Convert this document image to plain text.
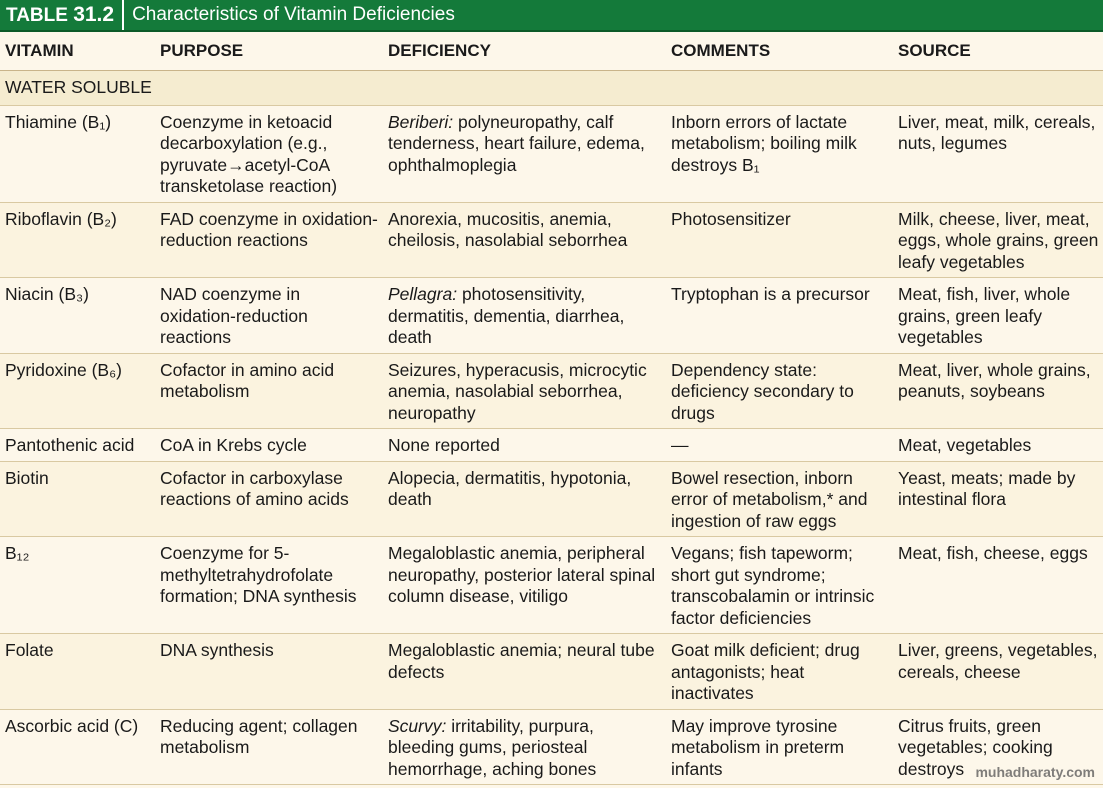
TABLE 31.2 Characteristics of Vitamin Deficiencies
VITAMIN	PURPOSE	DEFICIENCY	COMMENTS	SOURCE
WATER SOLUBLE				
Thiamine (B₁)	Coenzyme in ketoacid decarboxylation (e.g., pyruvate→acetyl-CoA transketolase reaction)	Beriberi: polyneuropathy, calf tenderness, heart failure, edema, ophthalmoplegia	Inborn errors of lactate metabolism; boiling milk destroys B₁	Liver, meat, milk, cereals, nuts, legumes
Riboflavin (B₂)	FAD coenzyme in oxidation-reduction reactions	Anorexia, mucositis, anemia, cheilosis, nasolabial seborrhea	Photosensitizer	Milk, cheese, liver, meat, eggs, whole grains, green leafy vegetables
Niacin (B₃)	NAD coenzyme in oxidation-reduction reactions	Pellagra: photosensitivity, dermatitis, dementia, diarrhea, death	Tryptophan is a precursor	Meat, fish, liver, whole grains, green leafy vegetables
Pyridoxine (B₆)	Cofactor in amino acid metabolism	Seizures, hyperacusis, microcytic anemia, nasolabial seborrhea, neuropathy	Dependency state: deficiency secondary to drugs	Meat, liver, whole grains, peanuts, soybeans
Pantothenic acid	CoA in Krebs cycle	None reported	—	Meat, vegetables
Biotin	Cofactor in carboxylase reactions of amino acids	Alopecia, dermatitis, hypotonia, death	Bowel resection, inborn error of metabolism,* and ingestion of raw eggs	Yeast, meats; made by intestinal flora
B₁₂	Coenzyme for 5-methyltetrahydrofolate formation; DNA synthesis	Megaloblastic anemia, peripheral neuropathy, posterior lateral spinal column disease, vitiligo	Vegans; fish tapeworm; short gut syndrome; transcobalamin or intrinsic factor deficiencies	Meat, fish, cheese, eggs
Folate	DNA synthesis	Megaloblastic anemia; neural tube defects	Goat milk deficient; drug antagonists; heat inactivates	Liver, greens, vegetables, cereals, cheese
Ascorbic acid (C)	Reducing agent; collagen metabolism	Scurvy: irritability, purpura, bleeding gums, periosteal hemorrhage, aching bones	May improve tyrosine metabolism in preterm infants	Citrus fruits, green vegetables; cooking destroys muhadharaty.com
